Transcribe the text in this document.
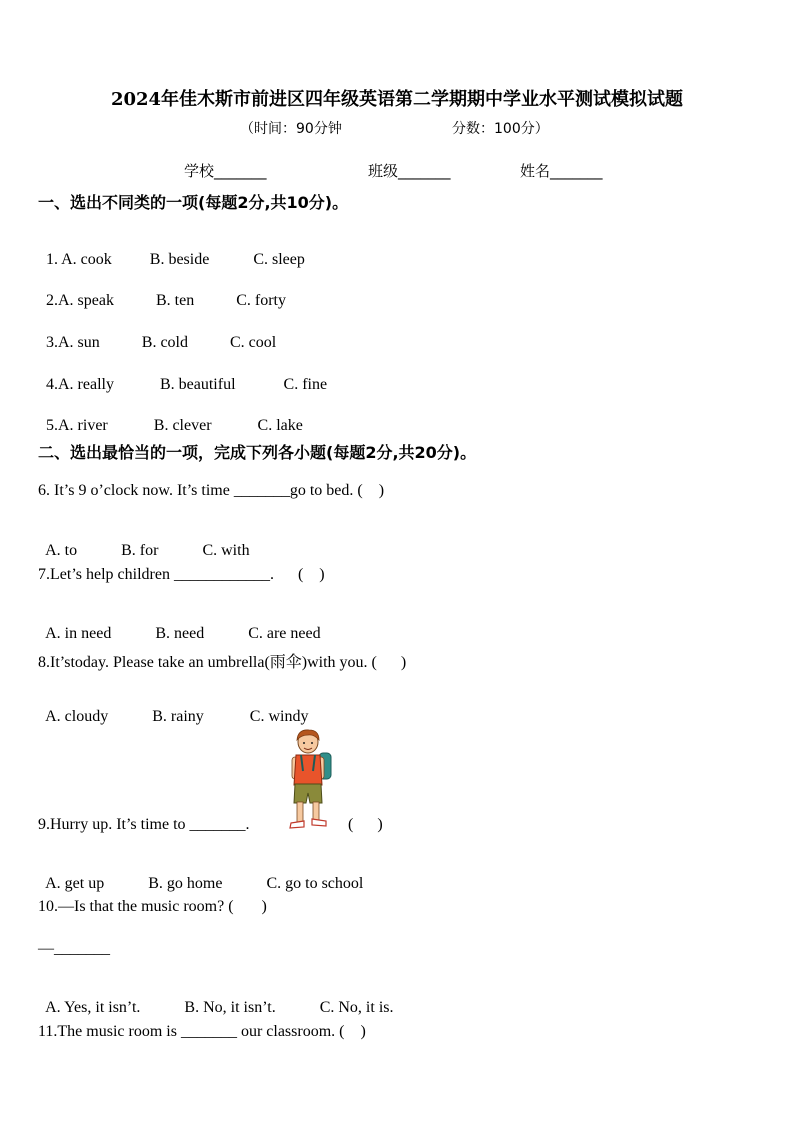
2024年佳木斯市前进区四年级英语第二学期期中学业水平测试模拟试题
（时间：90分钟	分数：100分）
学校_______	班级_______	姓名_______
一、选出不同类的一项(每题2分,共10分)。

1. A. cook B. beside	C. sleep

2.A. speak	B. ten	C. forty

3.A. sun	B. cold	C. cool

4.A. really	B. beautiful	C. fine

5.A. river	B. clever	C. lake

二、选出最恰当的一项，完成下列各小题(每题2分,共20分)。
6. It’s 9 o’clock now. It’s time _______go to bed. (    )

A. to	B. for	C. with

7.Let’s help children ____________.      (    )

A. in need	B. need	C. are need

8.It’stoday. Please take an umbrella(雨伞)with you. (      )

A. cloudy	B. rainy	C. windy

9.Hurry up. It’s time to _______.	(      )

A. get up	B. go home	C. go to school

10.—Is that the music room? (       )
—_______

A. Yes, it isn’t.	B. No, it isn’t.	C. No, it is.

11.The music room is _______ our classroom. (    )
